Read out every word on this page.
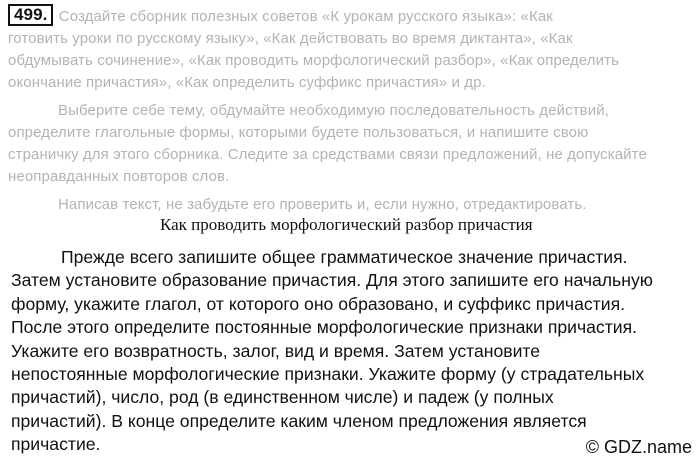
499. Создайте сборник полезных советов «К урокам русского языка»: «Как
готовить уроки по русскому языку», «Как действовать во время диктанта», «Как
обдумывать сочинение», «Как проводить морфологический разбор», «Как определить
окончание причастия», «Как определить суффикс причастия» и др.
Выберите себе тему, обдумайте необходимую последовательность действий,
определите глагольные формы, которыми будете пользоваться, и напишите свою
страничку для этого сборника. Следите за средствами связи предложений, не допускайте
неоправданных повторов слов.
Написав текст, не забудьте его проверить и, если нужно, отредактировать.
Как проводить морфологический разбор причастия
Прежде всего запишите общее грамматическое значение причастия.
Затем установите образование причастия. Для этого запишите его начальную
форму, укажите глагол, от которого оно образовано, и суффикс причастия.
После этого определите постоянные морфологические признаки причастия.
Укажите его возвратность, залог, вид и время. Затем установите
непостоянные морфологические признаки. Укажите форму (у страдательных
причастий), число, род (в единственном числе) и падеж (у полных
причастий). В конце определите каким членом предложения является
причастие.	© GDZ.name
